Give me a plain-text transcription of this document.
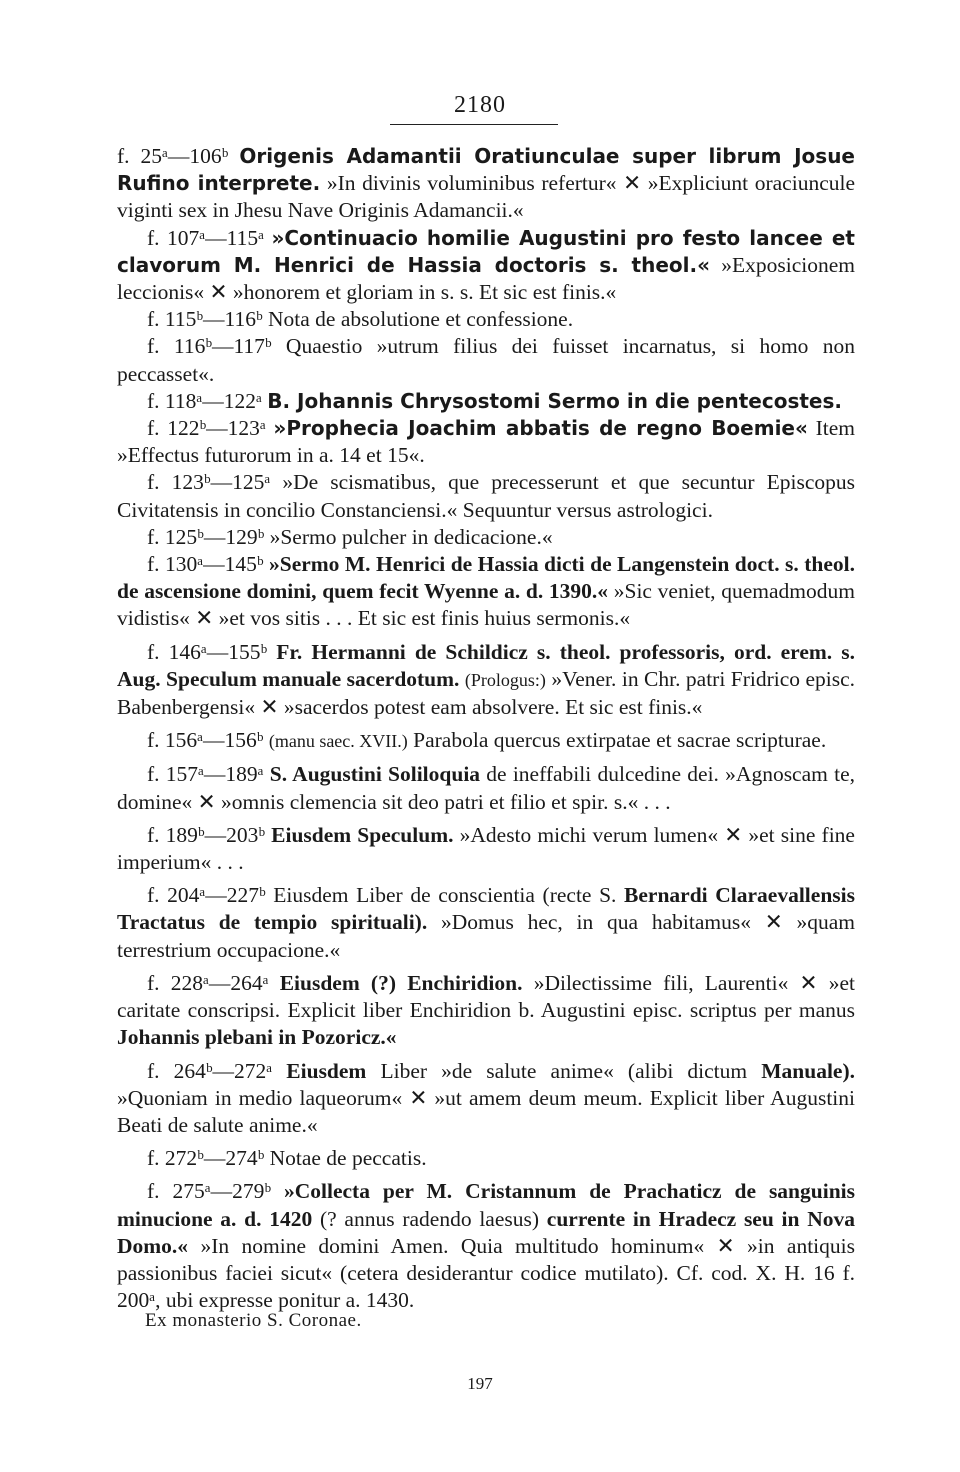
2180

f. 25ᵃ—106ᵇ Origenis Adamantii Oratiunculae super librum Josue Rufino interprete. »In divinis voluminibus refertur« ✕ »Expliciunt oraciuncule viginti sex in Jhesu Nave Originis Adamancii.«

f. 107ᵃ—115ᵃ »Continuacio homilie Augustini pro festo lancee et clavorum M. Henrici de Hassia doctoris s. theol.« »Exposicionem leccionis« ✕ »honorem et gloriam in s. s. Et sic est finis.«

f. 115ᵇ—116ᵇ Nota de absolutione et confessione.

f. 116ᵇ—117ᵇ Quaestio »utrum filius dei fuisset incarnatus, si homo non peccasset«.

f. 118ᵃ—122ᵃ B. Johannis Chrysostomi Sermo in die pentecostes.

f. 122ᵇ—123ᵃ »Prophecia Joachim abbatis de regno Boemie« Item »Effectus futurorum in a. 14 et 15«.

f. 123ᵇ—125ᵃ »De scismatibus, que precesserunt et que secuntur Episcopus Civitatensis in concilio Constanciensi.« Sequuntur versus astrologici.

f. 125ᵇ—129ᵇ »Sermo pulcher in dedicacione.«

f. 130ᵃ—145ᵇ »Sermo M. Henrici de Hassia dicti de Langenstein doct. s. theol. de ascensione domini, quem fecit Wyenne a. d. 1390.« »Sic veniet, quemadmodum vidistis« ✕ »et vos sitis . . . Et sic est finis huius sermonis.«

f. 146ᵃ—155ᵇ Fr. Hermanni de Schildicz s. theol. professoris, ord. erem. s. Aug. Speculum manuale sacerdotum. (Prologus:) »Vener. in Chr. patri Fridrico episc. Babenbergensi« ✕ »sacerdos potest eam absolvere. Et sic est finis.«

f. 156ᵃ—156ᵇ (manu saec. XVII.) Parabola quercus extirpatae et sacrae scripturae.

f. 157ᵃ—189ᵃ S. Augustini Soliloquia de ineffabili dulcedine dei. »Agnoscam te, domine« ✕ »omnis clemencia sit deo patri et filio et spir. s.« . . .

f. 189ᵇ—203ᵇ Eiusdem Speculum. »Adesto michi verum lumen« ✕ »et sine fine imperium« . . .

f. 204ᵃ—227ᵇ Eiusdem Liber de conscientia (recte S. Bernardi Claraevallensis Tractatus de tempio spirituali). »Domus hec, in qua habitamus« ✕ »quam terrestrium occupacione.«

f. 228ᵃ—264ᵃ Eiusdem (?) Enchiridion. »Dilectissime fili, Laurenti« ✕ »et caritate conscripsi. Explicit liber Enchiridion b. Augustini episc. scriptus per manus Johannis plebani in Pozoricz.«

f. 264ᵇ—272ᵃ Eiusdem Liber »de salute anime« (alibi dictum Manuale). »Quoniam in medio laqueorum« ✕ »ut amem deum meum. Explicit liber Augustini Beati de salute anime.«

f. 272ᵇ—274ᵇ Notae de peccatis.

f. 275ᵃ—279ᵇ »Collecta per M. Cristannum de Prachaticz de sanguinis minucione a. d. 1420 (? annus radendo laesus) currente in Hradecz seu in Nova Domo.« »In nomine domini Amen. Quia multitudo hominum« ✕ »in antiquis passionibus faciei sicut« (cetera desiderantur codice mutilato). Cf. cod. X. H. 16 f. 200ᵃ, ubi expresse ponitur a. 1430.

Ex monasterio S. Coronae.
197
